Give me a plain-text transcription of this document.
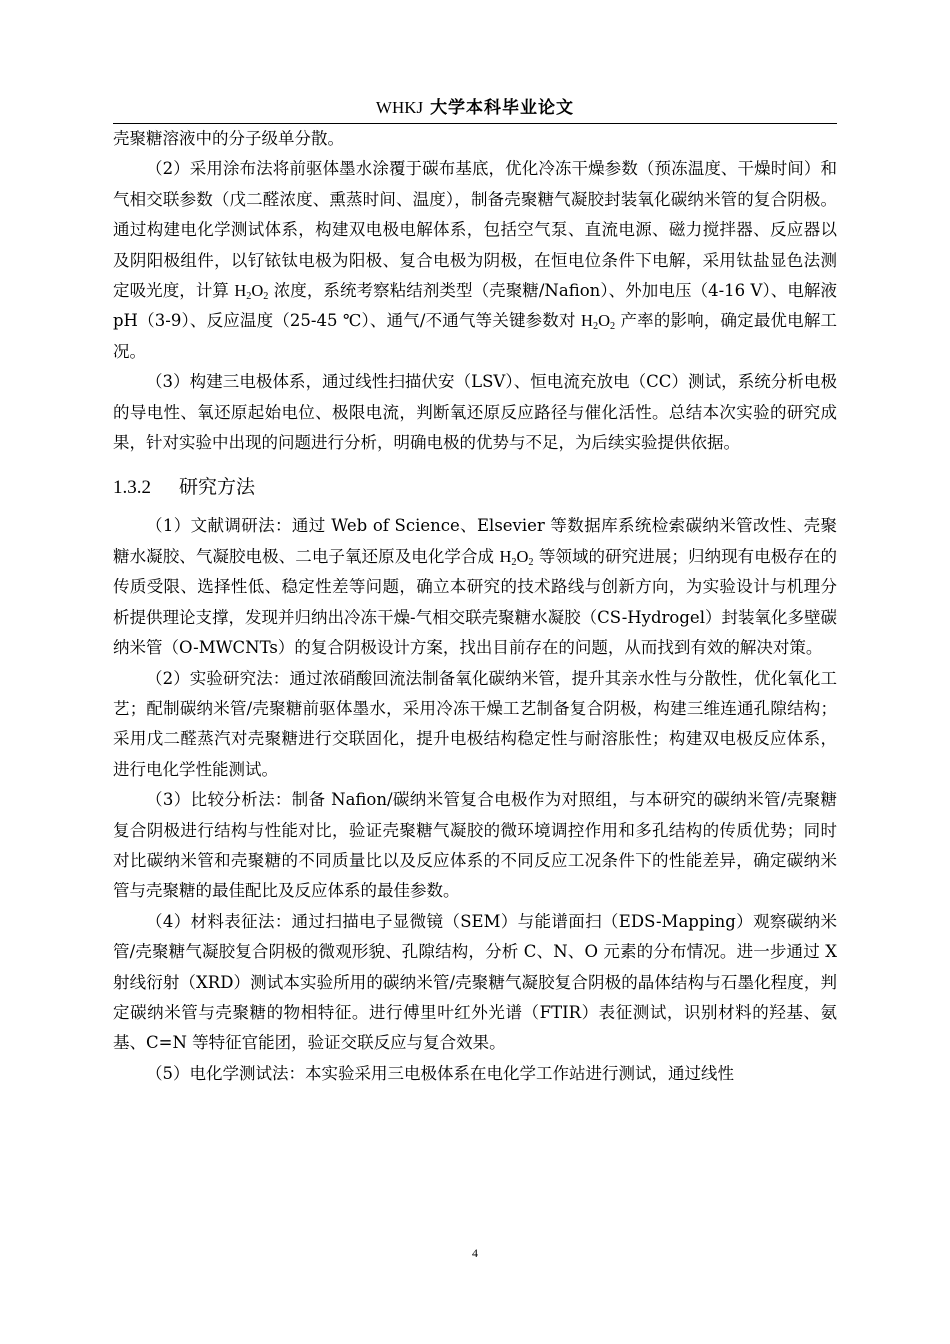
WHKJ 大学本科毕业论文

壳聚糖溶液中的分子级单分散。

（2）采用涂布法将前驱体墨水涂覆于碳布基底，优化冷冻干燥参数（预冻温度、干燥时间）和气相交联参数（戊二醛浓度、熏蒸时间、温度），制备壳聚糖气凝胶封装氧化碳纳米管的复合阴极。通过构建电化学测试体系，构建双电极电解体系，包括空气泵、直流电源、磁力搅拌器、反应器以及阴阳极组件，以钌铱钛电极为阳极、复合电极为阴极，在恒电位条件下电解，采用钛盐显色法测定吸光度，计算 $H_2O_2$ 浓度，系统考察粘结剂类型（壳聚糖/Nafion）、外加电压（4-16 V）、电解液 pH（3-9）、反应温度（25-45 ℃）、通气/不通气等关键参数对 $H_2O_2$ 产率的影响，确定最优电解工况。

（3）构建三电极体系，通过线性扫描伏安（LSV）、恒电流充放电（CC）测试，系统分析电极的导电性、氧还原起始电位、极限电流，判断氧还原反应路径与催化活性。总结本次实验的研究成果，针对实验中出现的问题进行分析，明确电极的优势与不足，为后续实验提供依据。

1.3.2 研究方法

（1）文献调研法：通过 Web of Science、Elsevier 等数据库系统检索碳纳米管改性、壳聚糖水凝胶、气凝胶电极、二电子氧还原及电化学合成 $H_2O_2$ 等领域的研究进展；归纳现有电极存在的传质受限、选择性低、稳定性差等问题，确立本研究的技术路线与创新方向，为实验设计与机理分析提供理论支撑，发现并归纳出冷冻干燥-气相交联壳聚糖水凝胶（CS-Hydrogel）封装氧化多壁碳纳米管（O-MWCNTs）的复合阴极设计方案，找出目前存在的问题，从而找到有效的解决对策。

（2）实验研究法：通过浓硝酸回流法制备氧化碳纳米管，提升其亲水性与分散性，优化氧化工艺；配制碳纳米管/壳聚糖前驱体墨水，采用冷冻干燥工艺制备复合阴极，构建三维连通孔隙结构；采用戊二醛蒸汽对壳聚糖进行交联固化，提升电极结构稳定性与耐溶胀性；构建双电极反应体系，进行电化学性能测试。

（3）比较分析法：制备 Nafion/碳纳米管复合电极作为对照组，与本研究的碳纳米管/壳聚糖复合阴极进行结构与性能对比，验证壳聚糖气凝胶的微环境调控作用和多孔结构的传质优势；同时对比碳纳米管和壳聚糖的不同质量比以及反应体系的不同反应工况条件下的性能差异，确定碳纳米管与壳聚糖的最佳配比及反应体系的最佳参数。

（4）材料表征法：通过扫描电子显微镜（SEM）与能谱面扫（EDS-Mapping）观察碳纳米管/壳聚糖气凝胶复合阴极的微观形貌、孔隙结构，分析 C、N、O 元素的分布情况。进一步通过 X 射线衍射（XRD）测试本实验所用的碳纳米管/壳聚糖气凝胶复合阴极的晶体结构与石墨化程度，判定碳纳米管与壳聚糖的物相特征。进行傅里叶红外光谱（FTIR）表征测试，识别材料的羟基、氨基、C=N 等特征官能团，验证交联反应与复合效果。

（5）电化学测试法：本实验采用三电极体系在电化学工作站进行测试，通过线性

4
